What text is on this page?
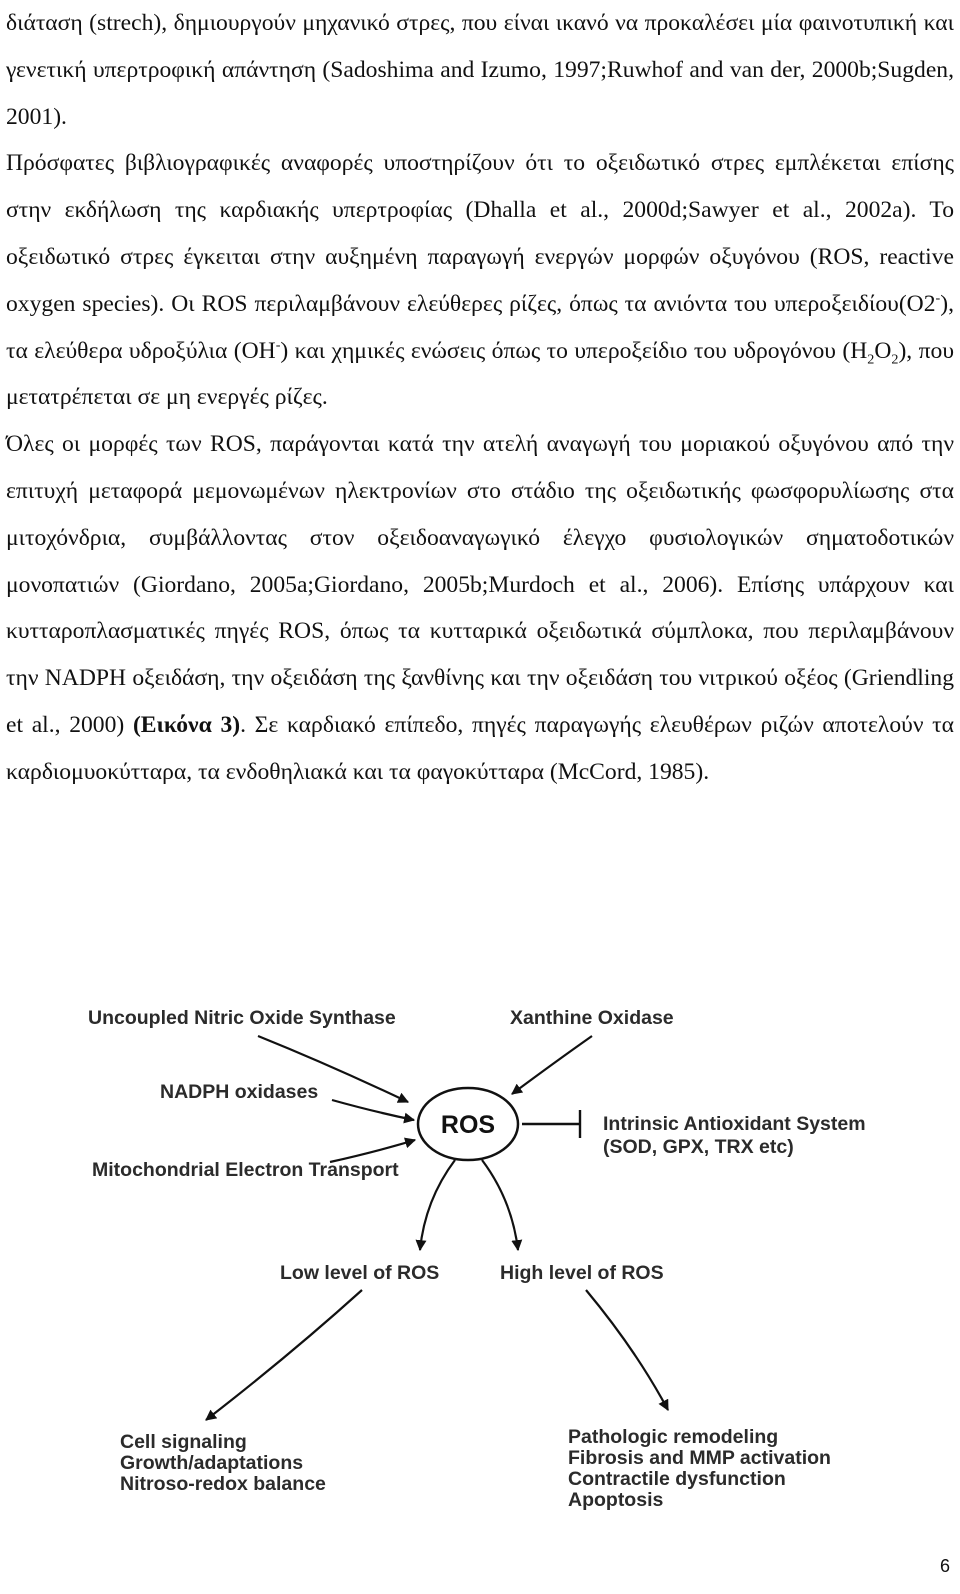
διάταση (strech), δημιουργούν μηχανικό στρες, που είναι ικανό να προκαλέσει μία φαινοτυπική και γενετική υπερτροφική απάντηση (Sadoshima and Izumo, 1997;Ruwhof and van der, 2000b;Sugden, 2001).

Πρόσφατες βιβλιογραφικές αναφορές υποστηρίζουν ότι το οξειδωτικό στρες εμπλέκεται επίσης στην εκδήλωση της καρδιακής υπερτροφίας (Dhalla et al., 2000d;Sawyer et al., 2002a). Το οξειδωτικό στρες έγκειται στην αυξημένη παραγωγή ενεργών μορφών οξυγόνου (ROS, reactive oxygen species). Οι ROS περιλαμβάνουν ελεύθερες ρίζες, όπως τα ανιόντα του υπεροξειδίου(O2-), τα ελεύθερα υδροξύλια (OH-) και χημικές ενώσεις όπως το υπεροξείδιο του υδρογόνου $(H_2O_2)$, που μετατρέπεται σε μη ενεργές ρίζες.

Όλες οι μορφές των ROS, παράγονται κατά την ατελή αναγωγή του μοριακού οξυγόνου από την επιτυχή μεταφορά μεμονωμένων ηλεκτρονίων στο στάδιο της οξειδωτικής φωσφορυλίωσης στα μιτοχόνδρια, συμβάλλοντας στον οξειδοαναγωγικό έλεγχο φυσιολογικών σηματοδοτικών μονοπατιών (Giordano, 2005a;Giordano, 2005b;Murdoch et al., 2006). Επίσης υπάρχουν και κυτταροπλασματικές πηγές ROS, όπως τα κυτταρικά οξειδωτικά σύμπλοκα, που περιλαμβάνουν την NADPH οξειδάση, την οξειδάση της ξανθίνης και την οξειδάση του νιτρικού οξέος (Griendling et al., 2000) (Εικόνα 3). Σε καρδιακό επίπεδο, πηγές παραγωγής ελευθέρων ριζών αποτελούν τα καρδιομυοκύτταρα, τα ενδοθηλιακά και τα φαγοκύτταρα (McCord, 1985).

Uncoupled Nitric Oxide Synthase	Xanthine Oxidase
NADPH oxidases
Mitochondrial Electron Transport
ROS	Intrinsic Antioxidant System
(SOD, GPX, TRX etc)
Low level of ROS	High level of ROS
Cell signaling
Growth/adaptations
Nitroso-redox balance
Pathologic remodeling
Fibrosis and MMP activation
Contractile dysfunction
Apoptosis
6
